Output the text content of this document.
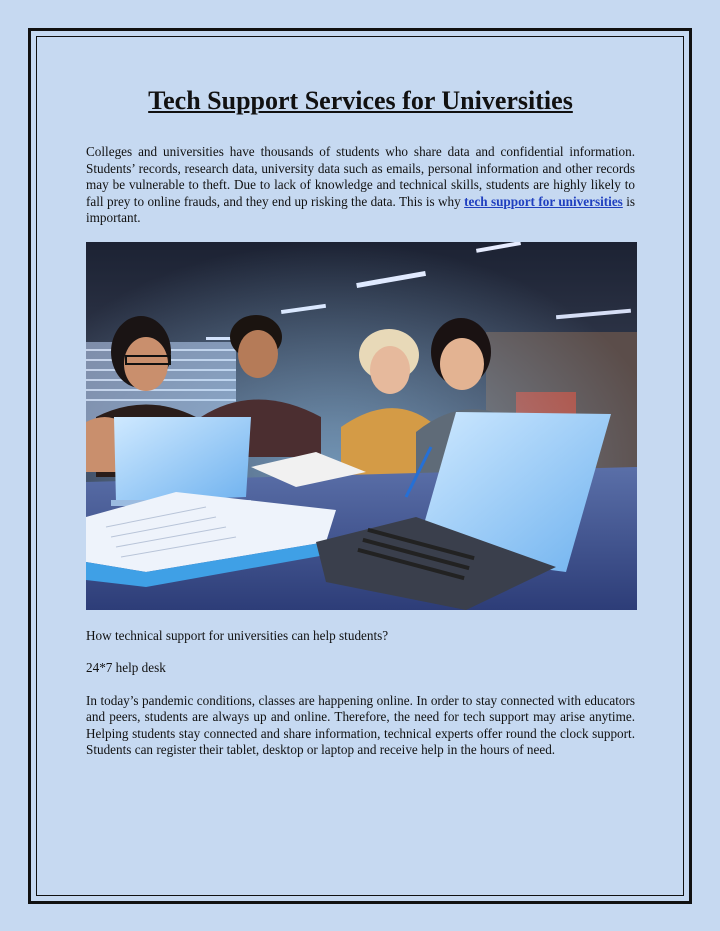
Tech Support Services for Universities

Colleges and universities have thousands of students who share data and confidential information. Students’ records, research data, university data such as emails, personal information and other records may be vulnerable to theft. Due to lack of knowledge and technical skills, students are highly likely to fall prey to online frauds, and they end up risking the data. This is why tech support for universities is important.

How technical support for universities can help students?

24*7 help desk

In today’s pandemic conditions, classes are happening online. In order to stay connected with educators and peers, students are always up and online. Therefore, the need for tech support may arise anytime. Helping students stay connected and share information, technical experts offer round the clock support. Students can register their tablet, desktop or laptop and receive help in the hours of need.
